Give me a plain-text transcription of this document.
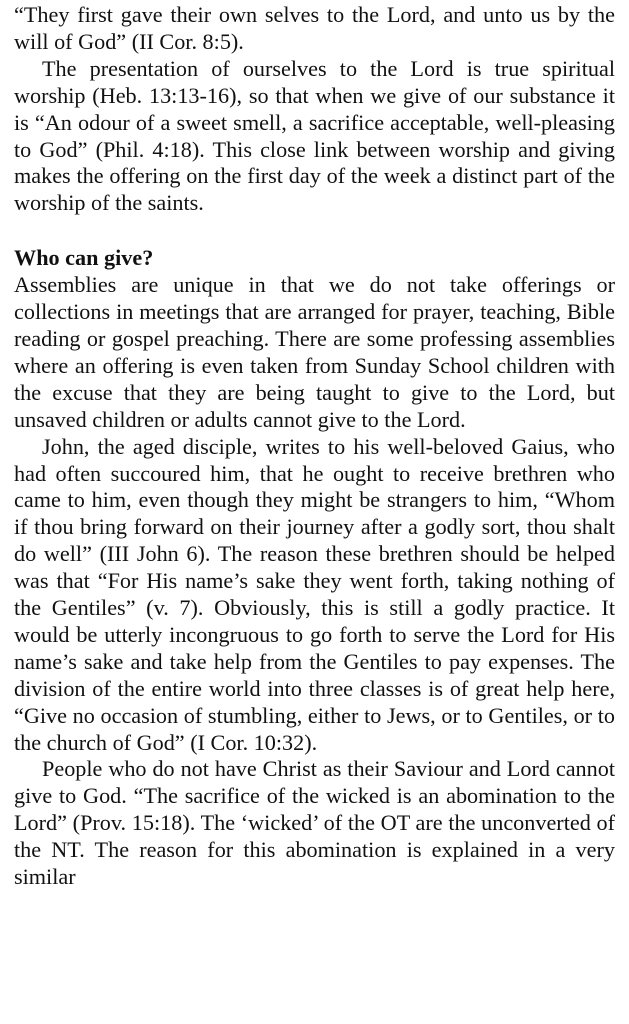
“They first gave their own selves to the Lord, and unto us by the will of God” (II Cor. 8:5).

The presentation of ourselves to the Lord is true spiritual worship (Heb. 13:13-16), so that when we give of our substance it is “An odour of a sweet smell, a sacrifice acceptable, well-pleasing to God” (Phil. 4:18). This close link between worship and giving makes the offering on the first day of the week a distinct part of the worship of the saints.

Who can give?

Assemblies are unique in that we do not take offerings or collections in meetings that are arranged for prayer, teaching, Bible reading or gospel preaching. There are some professing assemblies where an offering is even taken from Sunday School children with the excuse that they are being taught to give to the Lord, but unsaved children or adults cannot give to the Lord.

John, the aged disciple, writes to his well-beloved Gaius, who had often succoured him, that he ought to receive brethren who came to him, even though they might be strangers to him, “Whom if thou bring forward on their journey after a godly sort, thou shalt do well” (III John 6). The reason these brethren should be helped was that “For His name’s sake they went forth, taking nothing of the Gentiles” (v. 7). Obviously, this is still a godly practice. It would be utterly incongruous to go forth to serve the Lord for His name’s sake and take help from the Gentiles to pay expenses. The division of the entire world into three classes is of great help here, “Give no occasion of stumbling, either to Jews, or to Gentiles, or to the church of God” (I Cor. 10:32).

People who do not have Christ as their Saviour and Lord cannot give to God. “The sacrifice of the wicked is an abomination to the Lord” (Prov. 15:18). The ‘wicked’ of the OT are the unconverted of the NT. The reason for this abomination is explained in a very similar
